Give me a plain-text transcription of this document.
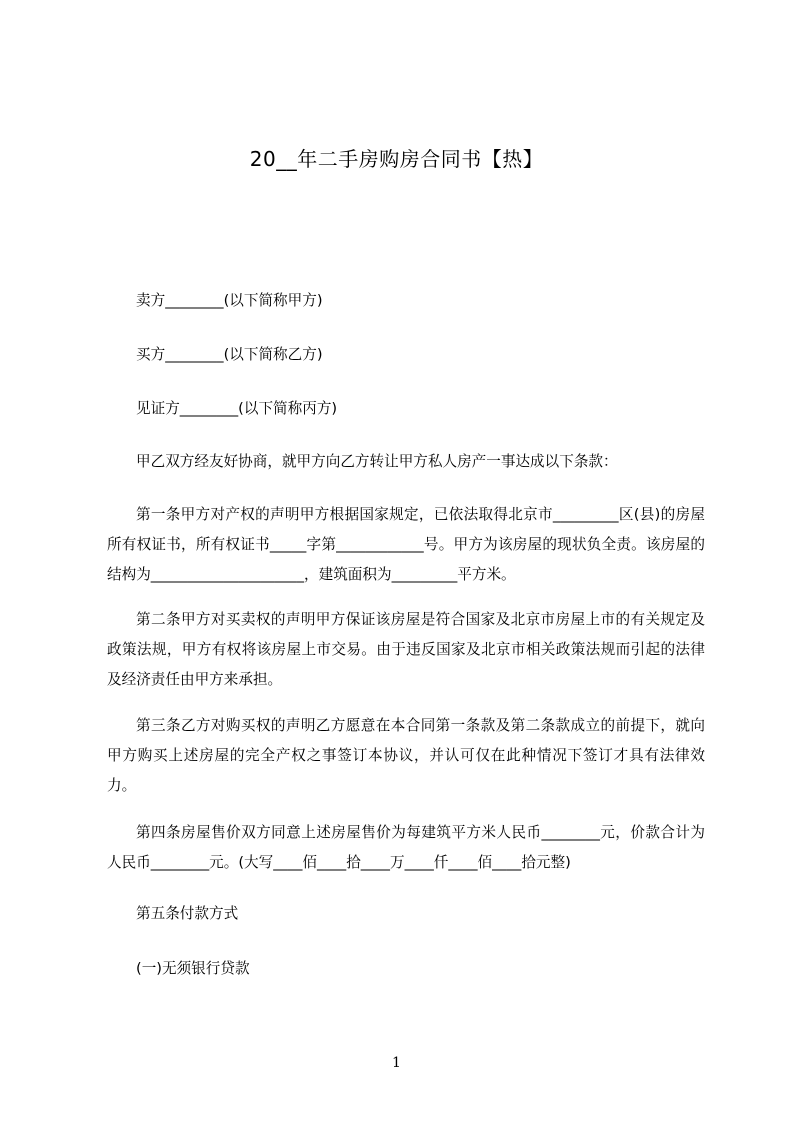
20__年二手房购房合同书【热】
卖方________(以下简称甲方)
买方________(以下简称乙方)
见证方________(以下简称丙方)
甲乙双方经友好协商，就甲方向乙方转让甲方私人房产一事达成以下条款：
第一条甲方对产权的声明甲方根据国家规定，已依法取得北京市_________区(县)的房屋所有权证书，所有权证书_____字第____________号。甲方为该房屋的现状负全责。该房屋的结构为_____________________，建筑面积为_________平方米。
第二条甲方对买卖权的声明甲方保证该房屋是符合国家及北京市房屋上市的有关规定及政策法规，甲方有权将该房屋上市交易。由于违反国家及北京市相关政策法规而引起的法律及经济责任由甲方来承担。
第三条乙方对购买权的声明乙方愿意在本合同第一条款及第二条款成立的前提下，就向甲方购买上述房屋的完全产权之事签订本协议，并认可仅在此种情况下签订才具有法律效力。
第四条房屋售价双方同意上述房屋售价为每建筑平方米人民币________元，价款合计为人民币________元。(大写____佰____拾____万____仟____佰____拾元整)
第五条付款方式
(一)无须银行贷款
1
